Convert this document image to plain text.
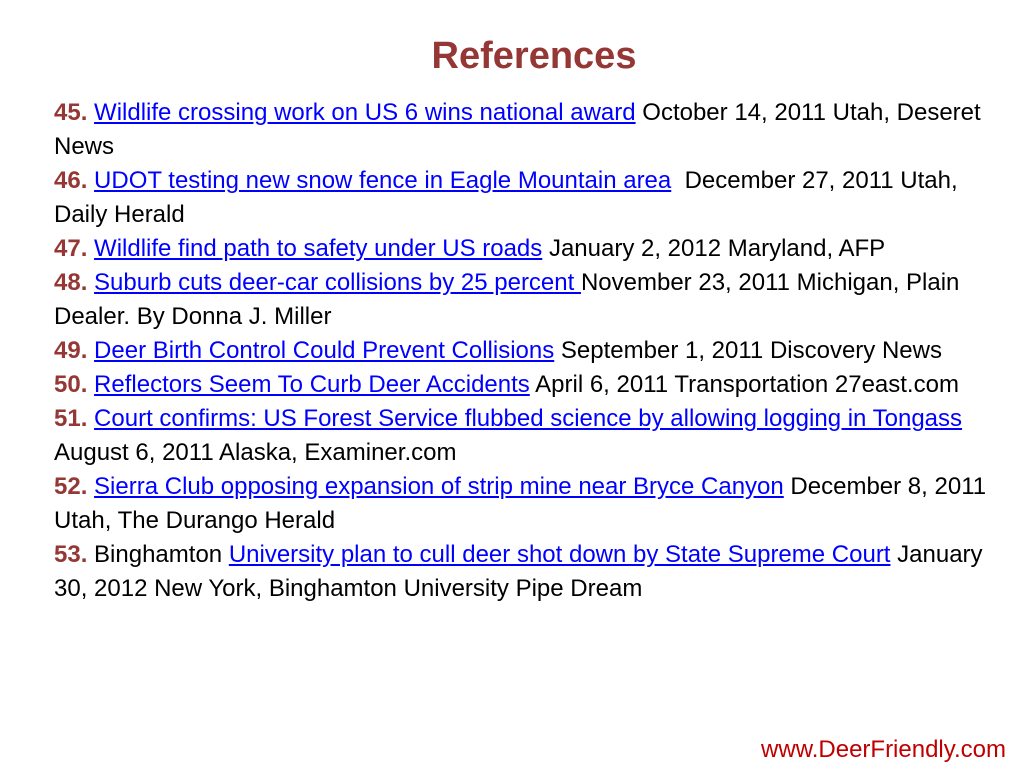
References

45. Wildlife crossing work on US 6 wins national award October 14, 2011 Utah, Deseret News

46. UDOT testing new snow fence in Eagle Mountain area  December 27, 2011 Utah, Daily Herald

47. Wildlife find path to safety under US roads January 2, 2012 Maryland, AFP

48. Suburb cuts deer-car collisions by 25 percent November 23, 2011 Michigan, Plain Dealer. By Donna J. Miller

49. Deer Birth Control Could Prevent Collisions September 1, 2011 Discovery News

50. Reflectors Seem To Curb Deer Accidents April 6, 2011 Transportation 27east.com

51. Court confirms: US Forest Service flubbed science by allowing logging in Tongass   August 6, 2011 Alaska, Examiner.com

52. Sierra Club opposing expansion of strip mine near Bryce Canyon December 8, 2011 Utah, The Durango Herald

53. Binghamton University plan to cull deer shot down by State Supreme Court January 30, 2012 New York, Binghamton University Pipe Dream

www.DeerFriendly.com
